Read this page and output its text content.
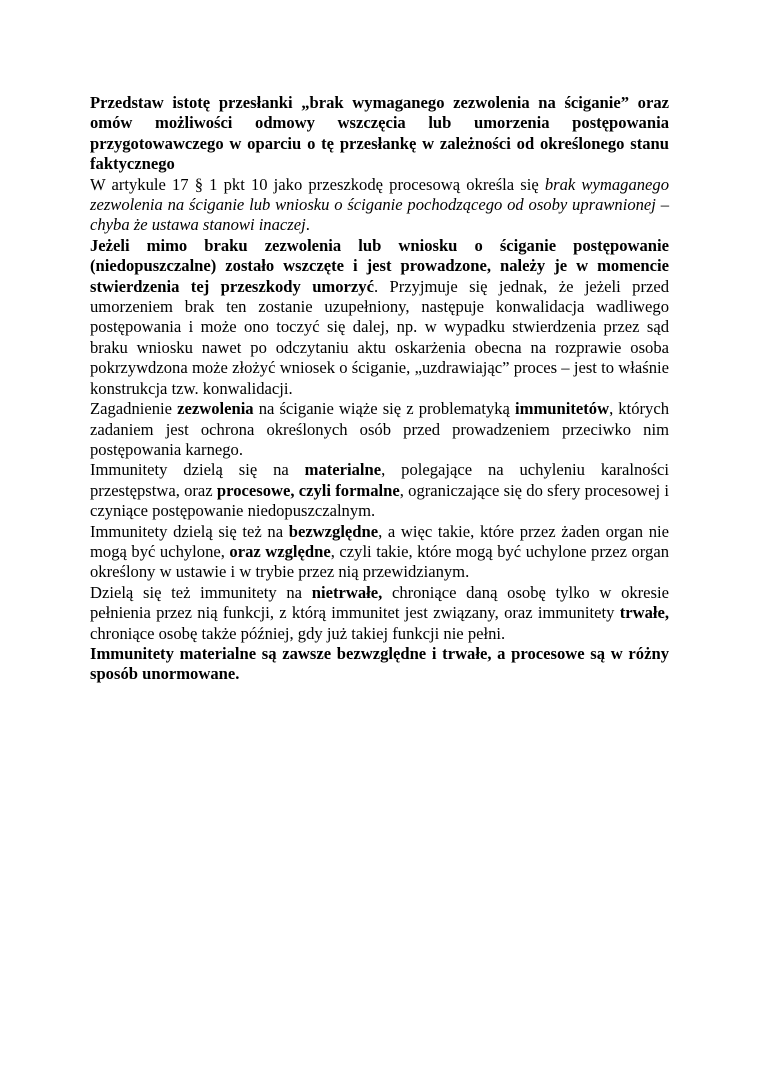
Przedstaw istotę przesłanki „brak wymaganego zezwolenia na ściganie” oraz omów możliwości odmowy wszczęcia lub umorzenia postępowania przygotowawczego w oparciu o tę przesłankę w zależności od określonego stanu faktycznego

W artykule 17 § 1 pkt 10 jako przeszkodę procesową określa się brak wymaganego zezwolenia na ściganie lub wniosku o ściganie pochodzącego od osoby uprawnionej – chyba że ustawa stanowi inaczej.

Jeżeli mimo braku zezwolenia lub wniosku o ściganie postępowanie (niedopuszczalne) zostało wszczęte i jest prowadzone, należy je w momencie stwierdzenia tej przeszkody umorzyć. Przyjmuje się jednak, że jeżeli przed umorzeniem brak ten zostanie uzupełniony, następuje konwalidacja wadliwego postępowania i może ono toczyć się dalej, np. w wypadku stwierdzenia przez sąd braku wniosku nawet po odczytaniu aktu oskarżenia obecna na rozprawie osoba pokrzywdzona może złożyć wniosek o ściganie, „uzdrawiając” proces – jest to właśnie konstrukcja tzw. konwalidacji.

Zagadnienie zezwolenia na ściganie wiąże się z problematyką immunitetów, których zadaniem jest ochrona określonych osób przed prowadzeniem przeciwko nim postępowania karnego.

Immunitety dzielą się na materialne, polegające na uchyleniu karalności przestępstwa, oraz procesowe, czyli formalne, ograniczające się do sfery procesowej i czyniące postępowanie niedopuszczalnym.

Immunitety dzielą się też na bezwzględne, a więc takie, które przez żaden organ nie mogą być uchylone, oraz względne, czyli takie, które mogą być uchylone przez organ określony w ustawie i w trybie przez nią przewidzianym.

Dzielą się też immunitety na nietrwałe, chroniące daną osobę tylko w okresie pełnienia przez nią funkcji, z którą immunitet jest związany, oraz immunitety trwałe, chroniące osobę także później, gdy już takiej funkcji nie pełni.

Immunitety materialne są zawsze bezwzględne i trwałe, a procesowe są w różny sposób unormowane.
